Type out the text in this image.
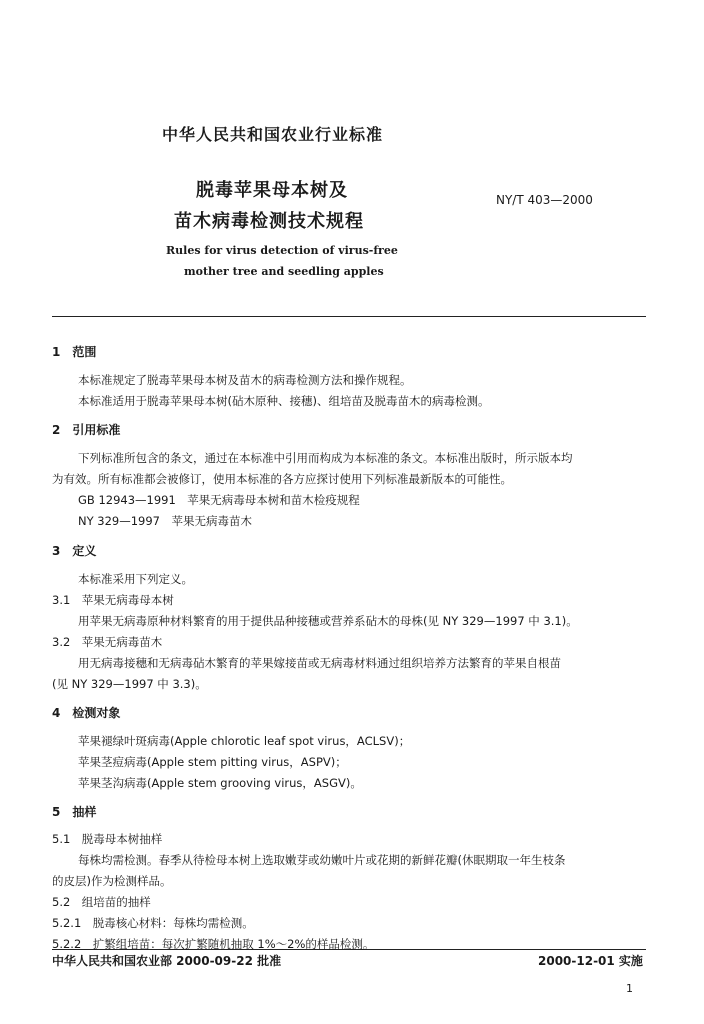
中华人民共和国农业行业标准
脱毒苹果母本树及
苗木病毒检测技术规程
NY/T 403—2000
Rules for virus detection of virus-free
mother tree and seedling apples
1　范围
本标准规定了脱毒苹果母本树及苗木的病毒检测方法和操作规程。
本标准适用于脱毒苹果母本树(砧木原种、接穗)、组培苗及脱毒苗木的病毒检测。
2　引用标准
下列标准所包含的条文，通过在本标准中引用而构成为本标准的条文。本标准出版时，所示版本均
为有效。所有标准都会被修订，使用本标准的各方应探讨使用下列标准最新版本的可能性。
GB 12943—1991　苹果无病毒母本树和苗木检疫规程
NY 329—1997　苹果无病毒苗木
3　定义
本标准采用下列定义。
3.1　苹果无病毒母本树
用苹果无病毒原种材料繁育的用于提供品种接穗或营养系砧木的母株(见 NY 329—1997 中 3.1)。
3.2　苹果无病毒苗木
用无病毒接穗和无病毒砧木繁育的苹果嫁接苗或无病毒材料通过组织培养方法繁育的苹果自根苗
(见 NY 329—1997 中 3.3)。
4　检测对象
苹果褪绿叶斑病毒(Apple chlorotic leaf spot virus，ACLSV)；
苹果茎痘病毒(Apple stem pitting virus，ASPV)；
苹果茎沟病毒(Apple stem grooving virus，ASGV)。
5　抽样
5.1　脱毒母本树抽样
每株均需检测。春季从待检母本树上选取嫩芽或幼嫩叶片或花期的新鲜花瓣(休眠期取一年生枝条
的皮层)作为检测样品。
5.2　组培苗的抽样
5.2.1　脱毒核心材料：每株均需检测。
5.2.2　扩繁组培苗：每次扩繁随机抽取 1%～2%的样品检测。
中华人民共和国农业部 2000-09-22 批准	2000-12-01 实施
1
